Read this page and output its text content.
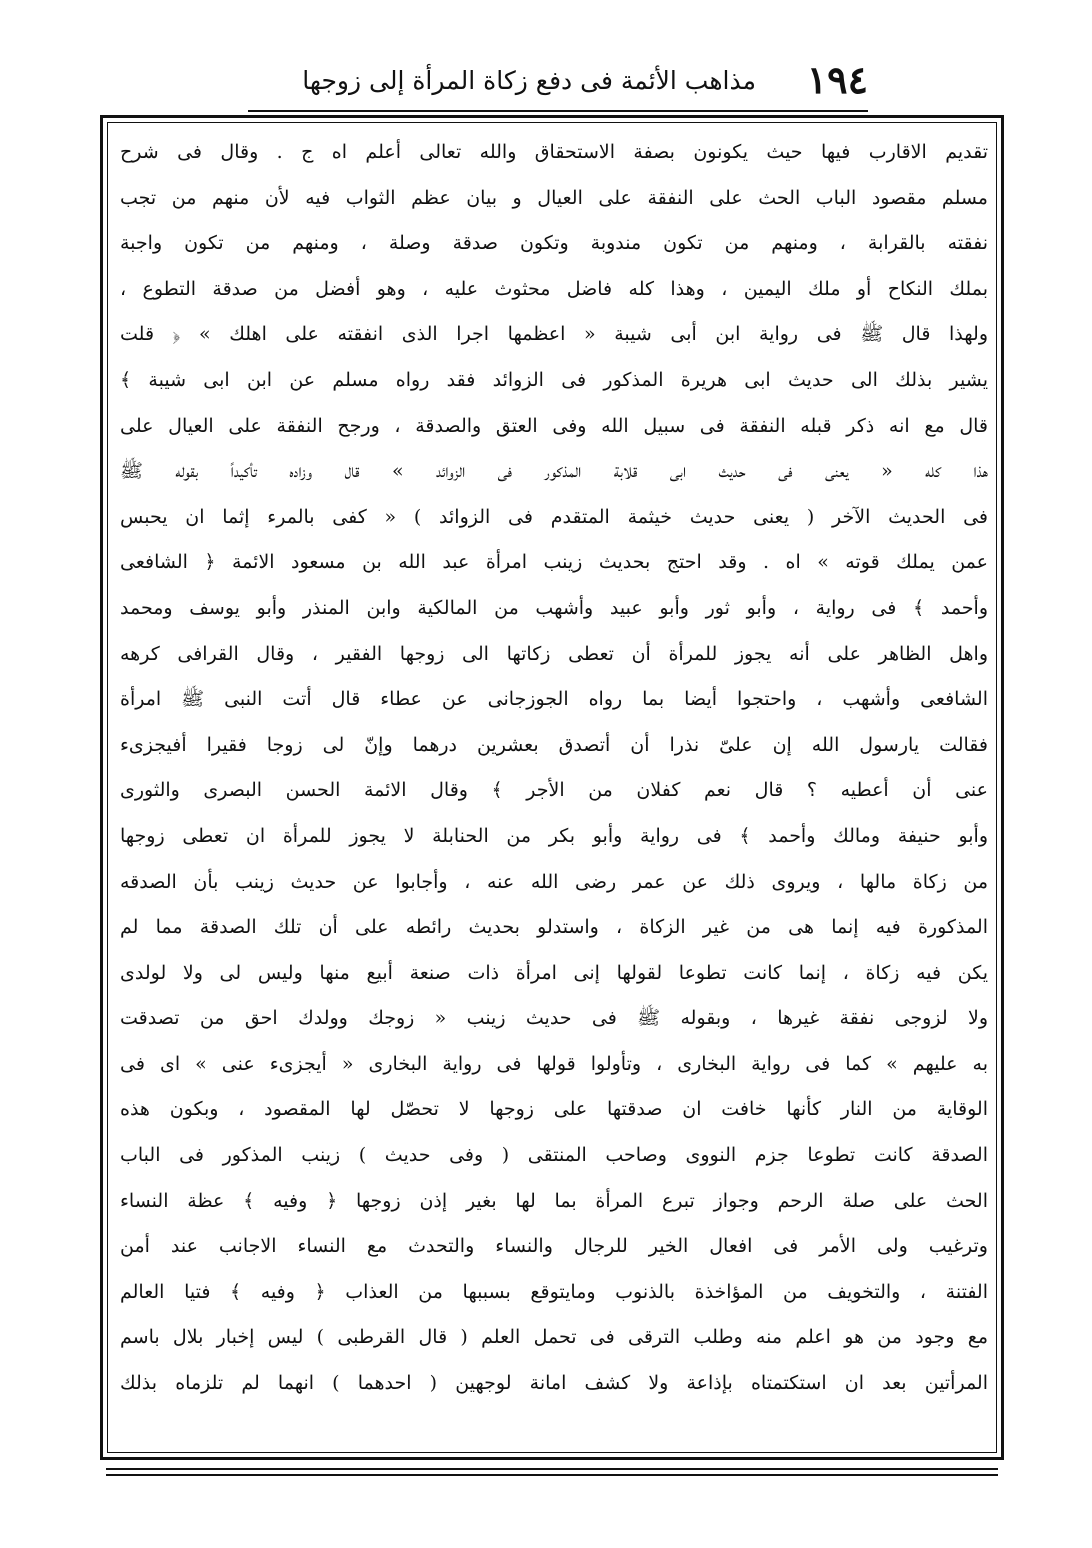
١٩٤
مذاهب الأئمة فى دفع زكاة المرأة إلى زوجها
تقديم الاقارب فيها حيث يكونون بصفة الاستحقاق والله تعالى أعلم اه ج . وقال فى شرح
مسلم مقصود الباب الحث على النفقة على العيال و بيان عظم الثواب فيه لأن منهم من تجب
نفقته بالقرابة ، ومنهم من تكون مندوبة وتكون صدقة وصلة ، ومنهم من تكون واجبة
بملك النكاح أو ملك اليمين ، وهذا كله فاضل محثوث عليه ، وهو أفضل من صدقة التطوع ،
ولهذا قال ﷺ فى رواية ابن أبى شيبة « اعظمها اجرا الذى انفقته على اهلك » ﴿ قلت
يشير بذلك الى حديث ابى هريرة المذكور فى الزوائد فقد رواه مسلم عن ابن ابى شيبة ﴾
قال مع انه ذكر قبله النفقة فى سبيل الله وفى العتق والصدقة ، ورجح النفقة على العيال على
هذا كله « يعنى فى حديث ابى قلابة المذكور فى الزوائد » قال وزاده تأكيداً بقوله ﷺ
فى الحديث الآخر ( يعنى حديث خيثمة المتقدم فى الزوائد ) « كفى بالمرء إثما ان يحبس
عمن يملك قوته » اه . وقد احتج بحديث زينب امرأة عبد الله بن مسعود الائمة ﴿ الشافعى
وأحمد ﴾ فى رواية ، وأبو ثور وأبو عبيد وأشهب من المالكية وابن المنذر وأبو يوسف ومحمد
واهل الظاهر على أنه يجوز للمرأة أن تعطى زكاتها الى زوجها الفقير ، وقال القرافى كرهه
الشافعى وأشهب ، واحتجوا أيضا بما رواه الجوزجانى عن عطاء قال أتت النبى ﷺ امرأة
فقالت يارسول الله إن علىّ نذرا أن أتصدق بعشرين درهما وإنّ لى زوجا فقيرا أفيجزىء
عنى أن أعطيه ؟ قال نعم كفلان من الأجر ﴾ وقال الائمة الحسن البصرى والثورى
وأبو حنيفة ومالك وأحمد ﴾ فى رواية وأبو بكر من الحنابلة لا يجوز للمرأة ان تعطى زوجها
من زكاة مالها ، ويروى ذلك عن عمر رضى الله عنه ، وأجابوا عن حديث زينب بأن الصدقه
المذكورة فيه إنما هى من غير الزكاة ، واستدلو بحديث رائطه على أن تلك الصدقة مما لم
يكن فيه زكاة ، إنما كانت تطوعا لقولها إنى امرأة ذات صنعة أبيع منها وليس لى ولا لولدى
ولا لزوجى نفقة غيرها ، وبقوله ﷺ فى حديث زينب « زوجك وولدك احق من تصدقت
به عليهم » كما فى رواية البخارى ، وتأولوا قولها فى رواية البخارى « أيجزىء عنى » اى فى
الوقاية من النار كأنها خافت ان صدقتها على زوجها لا تحصّل لها المقصود ، وبكون هذه
الصدقة كانت تطوعا جزم النووى وصاحب المنتقى ( وفى حديث ) زينب المذكور فى الباب
الحث على صلة الرحم وجواز تبرع المرأة بما لها بغير إذن زوجها ﴿ وفيه ﴾ عظة النساء
وترغيب ولى الأمر فى افعال الخير للرجال والنساء والتحدث مع النساء الاجانب عند أمن
الفتنة ، والتخويف من المؤاخذة بالذنوب ومايتوقع بسببها من العذاب ﴿ وفيه ﴾ فتيا العالم
مع وجود من هو اعلم منه وطلب الترقى فى تحمل العلم ( قال القرطبى ) ليس إخبار بلال باسم
المرأتين بعد ان استكتمتاه بإذاعة ولا كشف امانة لوجهين ( احدهما ) انهما لم تلزماه بذلك
